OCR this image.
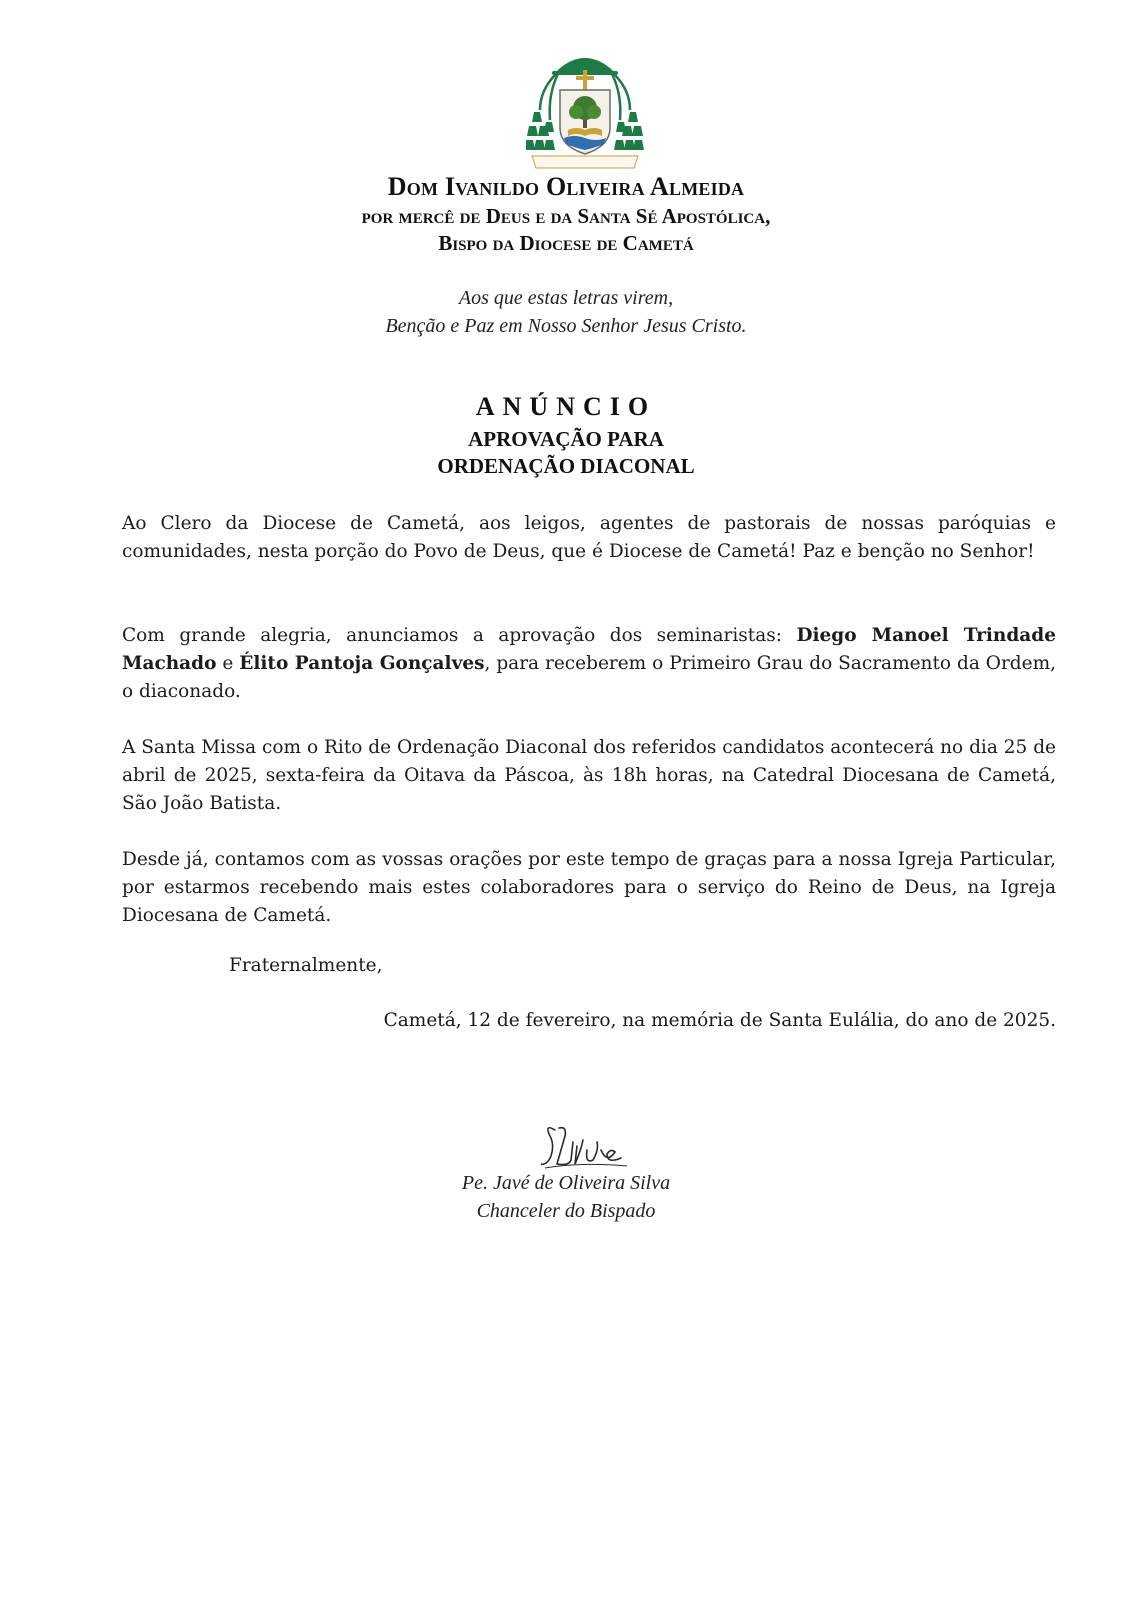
Dom Ivanildo Oliveira Almeida
por mercê de Deus e da Santa Sé Apostólica,
Bispo da Diocese de Cametá
Aos que estas letras virem,
Benção e Paz em Nosso Senhor Jesus Cristo.
ANÚNCIO
APROVAÇÃO PARA
ORDENAÇÃO DIACONAL

Ao Clero da Diocese de Cametá, aos leigos, agentes de pastorais de nossas paróquias e comunidades, nesta porção do Povo de Deus, que é Diocese de Cametá! Paz e benção no Senhor!

Com grande alegria, anunciamos a aprovação dos seminaristas: Diego Manoel Trindade Machado e Élito Pantoja Gonçalves, para receberem o Primeiro Grau do Sacramento da Ordem, o diaconado.

A Santa Missa com o Rito de Ordenação Diaconal dos referidos candidatos acontecerá no dia 25 de abril de 2025, sexta-feira da Oitava da Páscoa, às 18h horas, na Catedral Diocesana de Cametá, São João Batista.

Desde já, contamos com as vossas orações por este tempo de graças para a nossa Igreja Particular, por estarmos recebendo mais estes colaboradores para o serviço do Reino de Deus, na Igreja Diocesana de Cametá.

Fraternalmente,
Cametá, 12 de fevereiro, na memória de Santa Eulália, do ano de 2025.
Pe. Javé de Oliveira Silva
Chanceler do Bispado
